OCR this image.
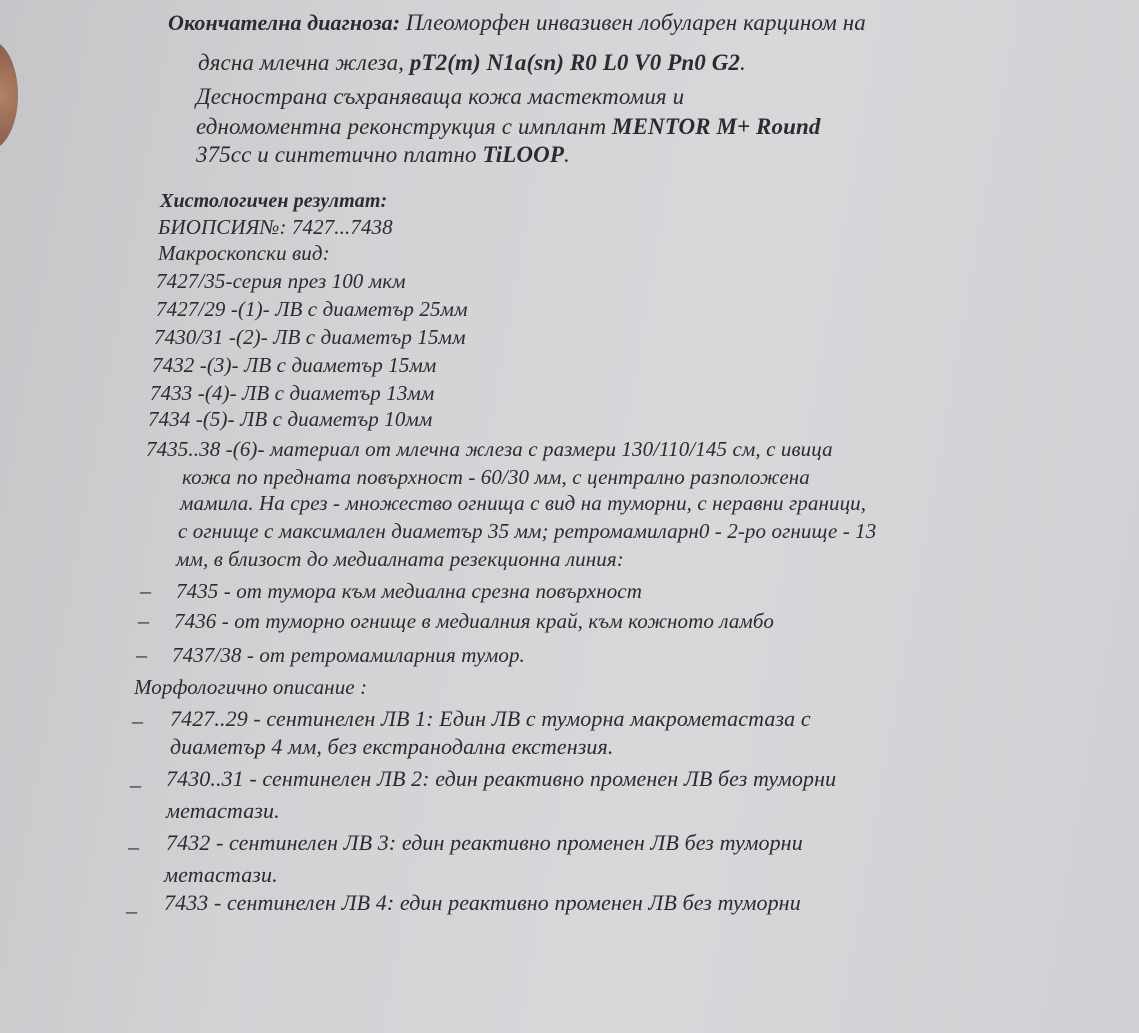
Окончателна диагноза: Плеоморфен инвазивен лобуларен карцином на
дясна млечна жлеза, pT2(m) N1a(sn) R0 L0 V0 Pn0 G2.
Деснострана съхраняваща кожа мастектомия и
едномоментна реконструкция с имплант MENTOR M+ Round
375cc и синтетично платно TiLOOP.
Хистологичен резултат:
БИОПСИЯ№: 7427...7438
Макроскопски вид:
7427/35-серия през 100 мкм
7427/29 -(1)- ЛВ с диаметър 25мм
7430/31 -(2)- ЛВ с диаметър 15мм
7432 -(3)- ЛВ с диаметър 15мм
7433 -(4)- ЛВ с диаметър 13мм
7434 -(5)- ЛВ с диаметър 10мм
7435..38 -(6)- материал от млечна жлеза с размери 130/110/145 см, с ивица
кожа по предната повърхност - 60/30 мм, с централно разположена
мамила. На срез - множество огнища с вид на туморни, с неравни граници,
с огнище с максимален диаметър 35 мм; ретромамиларн0 - 2-ро огнище - 13
мм, в близост до медиалната резекционна линия:
– 7435 - от тумора към медиална срезна повърхност
– 7436 - от туморно огнище в медиалния край, към кожното ламбо
– 7437/38 - от ретромамиларния тумор.
Морфологично описание :
– 7427..29 - сентинелен ЛВ 1: Един ЛВ с туморна макрометастаза с
диаметър 4 мм, без екстранодална екстензия.
– 7430..31 - сентинелен ЛВ 2: един реактивно променен ЛВ без туморни
метастази.
– 7432 - сентинелен ЛВ 3: един реактивно променен ЛВ без туморни
метастази.
– 7433 - сентинелен ЛВ 4: един реактивно променен ЛВ без туморни
